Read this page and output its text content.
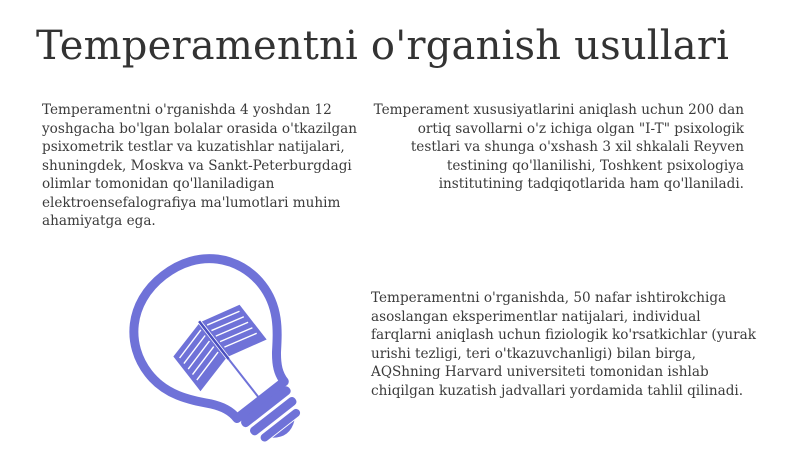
Temperamentni o'rganish usullari

Temperamentni o'rganishda 4 yoshdan 12 yoshgacha bo'lgan bolalar orasida o'tkazilgan psixometrik testlar va kuzatishlar natijalari, shuningdek, Moskva va Sankt-Peterburgdagi olimlar tomonidan qo'llaniladigan elektroensefalografiya ma'lumotlari muhim ahamiyatga ega.

Temperament xususiyatlarini aniqlash uchun 200 dan ortiq savollarni o'z ichiga olgan "I-T" psixologik testlari va shunga o'xshash 3 xil shkalali Reyven testining qo'llanilishi, Toshkent psixologiya institutining tadqiqotlarida ham qo'llaniladi.

Temperamentni o'rganishda, 50 nafar ishtirokchiga asoslangan eksperimentlar natijalari, individual farqlarni aniqlash uchun fiziologik ko'rsatkichlar (yurak urishi tezligi, teri o'tkazuvchanligi) bilan birga, AQShning Harvard universiteti tomonidan ishlab chiqilgan kuzatish jadvallari yordamida tahlil qilinadi.
